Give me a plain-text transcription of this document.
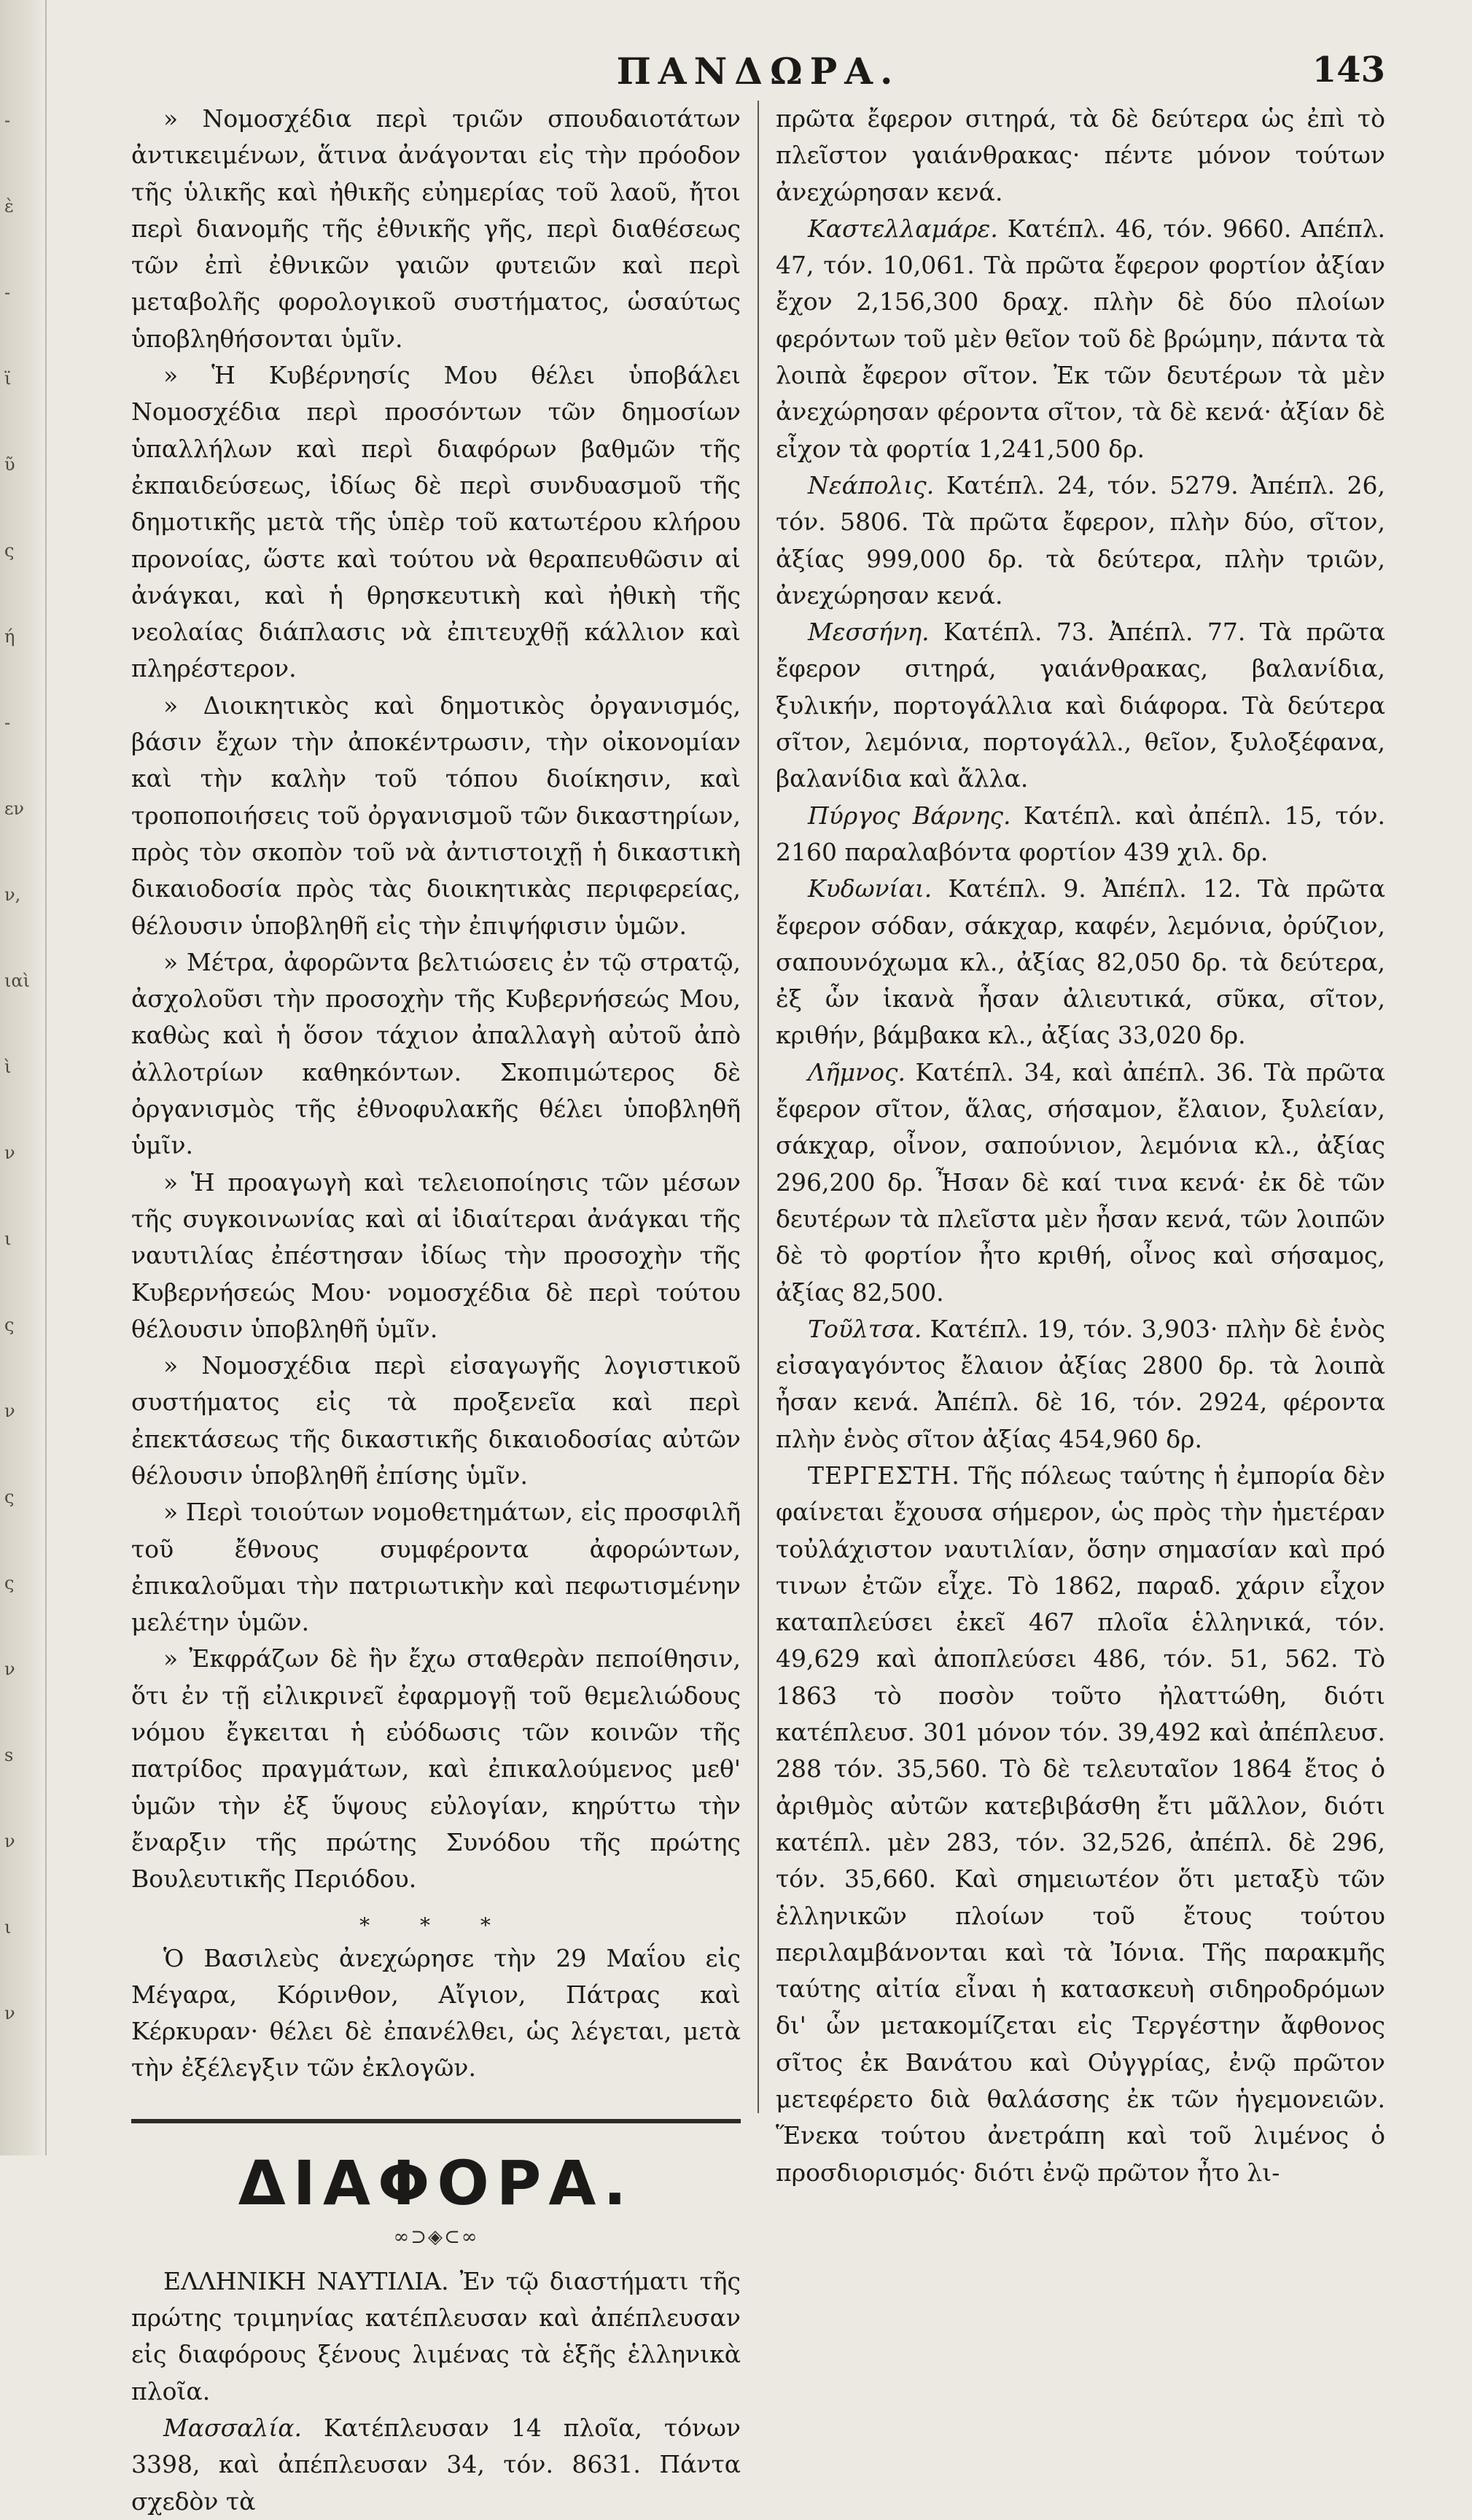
-
ὲ
-
ϊ
ῦ
ς
ή
-
εν
ν,
ιαὶ
ὶ
ν
ι
ς
ν
ς
ς
ν
s
ν
ι
ν
ΠΑΝΔΩΡΑ.	143

» Νομοσχέδια περὶ τριῶν σπουδαιοτάτων ἀντικειμένων, ἅτινα ἀνάγονται εἰς τὴν πρόοδον τῆς ὑλικῆς καὶ ἠθικῆς εὐημερίας τοῦ λαοῦ, ἤτοι περὶ διανομῆς τῆς ἐθνικῆς γῆς, περὶ διαθέσεως τῶν ἐπὶ ἐθνικῶν γαιῶν φυτειῶν καὶ περὶ μεταβολῆς φορολογικοῦ συστήματος, ὡσαύτως ὑποβληθήσονται ὑμῖν.

» Ἡ Κυβέρνησίς Μου θέλει ὑποβάλει Νομοσχέδια περὶ προσόντων τῶν δημοσίων ὑπαλλήλων καὶ περὶ διαφόρων βαθμῶν τῆς ἐκπαιδεύσεως, ἰδίως δὲ περὶ συνδυασμοῦ τῆς δημοτικῆς μετὰ τῆς ὑπὲρ τοῦ κατωτέρου κλήρου προνοίας, ὥστε καὶ τούτου νὰ θεραπευθῶσιν αἱ ἀνάγκαι, καὶ ἡ θρησκευτικὴ καὶ ἠθικὴ τῆς νεολαίας διάπλασις νὰ ἐπιτευχθῇ κάλλιον καὶ πληρέστερον.

» Διοικητικὸς καὶ δημοτικὸς ὀργανισμός, βάσιν ἔχων τὴν ἀποκέντρωσιν, τὴν οἰκονομίαν καὶ τὴν καλὴν τοῦ τόπου διοίκησιν, καὶ τροποποιήσεις τοῦ ὀργανισμοῦ τῶν δικαστηρίων, πρὸς τὸν σκοπὸν τοῦ νὰ ἀντιστοιχῇ ἡ δικαστικὴ δικαιοδοσία πρὸς τὰς διοικητικὰς περιφερείας, θέλουσιν ὑποβληθῆ εἰς τὴν ἐπιψήφισιν ὑμῶν.

» Μέτρα, ἀφορῶντα βελτιώσεις ἐν τῷ στρατῷ, ἀσχολοῦσι τὴν προσοχὴν τῆς Κυβερνήσεώς Μου, καθὼς καὶ ἡ ὅσον τάχιον ἀπαλλαγὴ αὐτοῦ ἀπὸ ἀλλοτρίων καθηκόντων. Σκοπιμώτερος δὲ ὀργανισμὸς τῆς ἐθνοφυλακῆς θέλει ὑποβληθῆ ὑμῖν.

» Ἡ προαγωγὴ καὶ τελειοποίησις τῶν μέσων τῆς συγκοινωνίας καὶ αἱ ἰδιαίτεραι ἀνάγκαι τῆς ναυτιλίας ἐπέστησαν ἰδίως τὴν προσοχὴν τῆς Κυβερνήσεώς Μου· νομοσχέδια δὲ περὶ τούτου θέλουσιν ὑποβληθῆ ὑμῖν.

» Νομοσχέδια περὶ εἰσαγωγῆς λογιστικοῦ συστήματος εἰς τὰ προξενεῖα καὶ περὶ ἐπεκτάσεως τῆς δικαστικῆς δικαιοδοσίας αὐτῶν θέλουσιν ὑποβληθῆ ἐπίσης ὑμῖν.

» Περὶ τοιούτων νομοθετημάτων, εἰς προσφιλῆ τοῦ ἔθνους συμφέροντα ἀφορώντων, ἐπικαλοῦμαι τὴν πατριωτικὴν καὶ πεφωτισμένην μελέτην ὑμῶν.

» Ἐκφράζων δὲ ἣν ἔχω σταθερὰν πεποίθησιν, ὅτι ἐν τῇ εἰλικρινεῖ ἐφαρμογῇ τοῦ θεμελιώδους νόμου ἔγκειται ἡ εὐόδωσις τῶν κοινῶν τῆς πατρίδος πραγμάτων, καὶ ἐπικαλούμενος μεθ' ὑμῶν τὴν ἐξ ὕψους εὐλογίαν, κηρύττω τὴν ἔναρξιν τῆς πρώτης Συνόδου τῆς πρώτης Βουλευτικῆς Περιόδου.

* * *

Ὁ Βασιλεὺς ἀνεχώρησε τὴν 29 Μαΐου εἰς Μέγαρα, Κόρινθον, Αἴγιον, Πάτρας καὶ Κέρκυραν· θέλει δὲ ἐπανέλθει, ὡς λέγεται, μετὰ τὴν ἐξέλεγξιν τῶν ἐκλογῶν.

ΔΙΑΦΟΡΑ.
∞⊃◈⊂∞

ΕΛΛΗΝΙΚΗ ΝΑΥΤΙΛΙΑ. Ἐν τῷ διαστήματι τῆς πρώτης τριμηνίας κατέπλευσαν καὶ ἀπέπλευσαν εἰς διαφόρους ξένους λιμένας τὰ ἑξῆς ἑλληνικὰ πλοῖα.

Μασσαλία. Κατέπλευσαν 14 πλοῖα, τόνων 3398, καὶ ἀπέπλευσαν 34, τόν. 8631. Πάντα σχεδὸν τὰ

πρῶτα ἔφερον σιτηρά, τὰ δὲ δεύτερα ὡς ἐπὶ τὸ πλεῖστον γαιάνθρακας· πέντε μόνον τούτων ἀνεχώρησαν κενά.

Καστελλαμάρε. Κατέπλ. 46, τόν. 9660. Απέπλ. 47, τόν. 10,061. Τὰ πρῶτα ἔφερον φορτίον ἀξίαν ἔχον 2,156,300 δραχ. πλὴν δὲ δύο πλοίων φερόντων τοῦ μὲν θεῖον τοῦ δὲ βρώμην, πάντα τὰ λοιπὰ ἔφερον σῖτον. Ἐκ τῶν δευτέρων τὰ μὲν ἀνεχώρησαν φέροντα σῖτον, τὰ δὲ κενά· ἀξίαν δὲ εἶχον τὰ φορτία 1,241,500 δρ.

Νεάπολις. Κατέπλ. 24, τόν. 5279. Ἀπέπλ. 26, τόν. 5806. Τὰ πρῶτα ἔφερον, πλὴν δύο, σῖτον, ἀξίας 999,000 δρ. τὰ δεύτερα, πλὴν τριῶν, ἀνεχώρησαν κενά.

Μεσσήνη. Κατέπλ. 73. Ἀπέπλ. 77. Τὰ πρῶτα ἔφερον σιτηρά, γαιάνθρακας, βαλανίδια, ξυλικήν, πορτογάλλια καὶ διάφορα. Τὰ δεύτερα σῖτον, λεμόνια, πορτογάλλ., θεῖον, ξυλοξέφανα, βαλανίδια καὶ ἄλλα.

Πύργος Βάρνης. Κατέπλ. καὶ ἀπέπλ. 15, τόν. 2160 παραλαβόντα φορτίον 439 χιλ. δρ.

Κυδωνίαι. Κατέπλ. 9. Ἀπέπλ. 12. Τὰ πρῶτα ἔφερον σόδαν, σάκχαρ, καφέν, λεμόνια, ὀρύζιον, σαπουνόχωμα κλ., ἀξίας 82,050 δρ. τὰ δεύτερα, ἐξ ὧν ἱκανὰ ἦσαν ἀλιευτικά, σῦκα, σῖτον, κριθήν, βάμβακα κλ., ἀξίας 33,020 δρ.

Λῆμνος. Κατέπλ. 34, καὶ ἀπέπλ. 36. Τὰ πρῶτα ἔφερον σῖτον, ἅλας, σήσαμον, ἔλαιον, ξυλείαν, σάκχαρ, οἶνον, σαπούνιον, λεμόνια κλ., ἀξίας 296,200 δρ. Ἦσαν δὲ καί τινα κενά· ἐκ δὲ τῶν δευτέρων τὰ πλεῖστα μὲν ἦσαν κενά, τῶν λοιπῶν δὲ τὸ φορτίον ἦτο κριθή, οἶνος καὶ σήσαμος, ἀξίας 82,500.

Τοῦλτσα. Κατέπλ. 19, τόν. 3,903· πλὴν δὲ ἑνὸς εἰσαγαγόντος ἔλαιον ἀξίας 2800 δρ. τὰ λοιπὰ ἦσαν κενά. Ἀπέπλ. δὲ 16, τόν. 2924, φέροντα πλὴν ἑνὸς σῖτον ἀξίας 454,960 δρ.

ΤΕΡΓΕΣΤΗ. Τῆς πόλεως ταύτης ἡ ἐμπορία δὲν φαίνεται ἔχουσα σήμερον, ὡς πρὸς τὴν ἡμετέραν τοὐλάχιστον ναυτιλίαν, ὅσην σημασίαν καὶ πρό τινων ἐτῶν εἶχε. Τὸ 1862, παραδ. χάριν εἶχον καταπλεύσει ἐκεῖ 467 πλοῖα ἑλληνικά, τόν. 49,629 καὶ ἀποπλεύσει 486, τόν. 51, 562. Τὸ 1863 τὸ ποσὸν τοῦτο ἠλαττώθη, διότι κατέπλευσ. 301 μόνον τόν. 39,492 καὶ ἀπέπλευσ. 288 τόν. 35,560. Τὸ δὲ τελευταῖον 1864 ἔτος ὁ ἀριθμὸς αὐτῶν κατεβιβάσθη ἔτι μᾶλλον, διότι κατέπλ. μὲν 283, τόν. 32,526, ἀπέπλ. δὲ 296, τόν. 35,660. Καὶ σημειωτέον ὅτι μεταξὺ τῶν ἑλληνικῶν πλοίων τοῦ ἔτους τούτου περιλαμβάνονται καὶ τὰ Ἰόνια. Τῆς παρακμῆς ταύτης αἰτία εἶναι ἡ κατασκευὴ σιδηροδρόμων δι' ὧν μετακομίζεται εἰς Τεργέστην ἄφθονος σῖτος ἐκ Βανάτου καὶ Οὐγγρίας, ἐνῷ πρῶτον μετεφέρετο διὰ θαλάσσης ἐκ τῶν ἡγεμονειῶν. Ἕνεκα τούτου ἀνετράπη καὶ τοῦ λιμένος ὁ προσδιορισμός· διότι ἐνῷ πρῶτον ἦτο λι-
